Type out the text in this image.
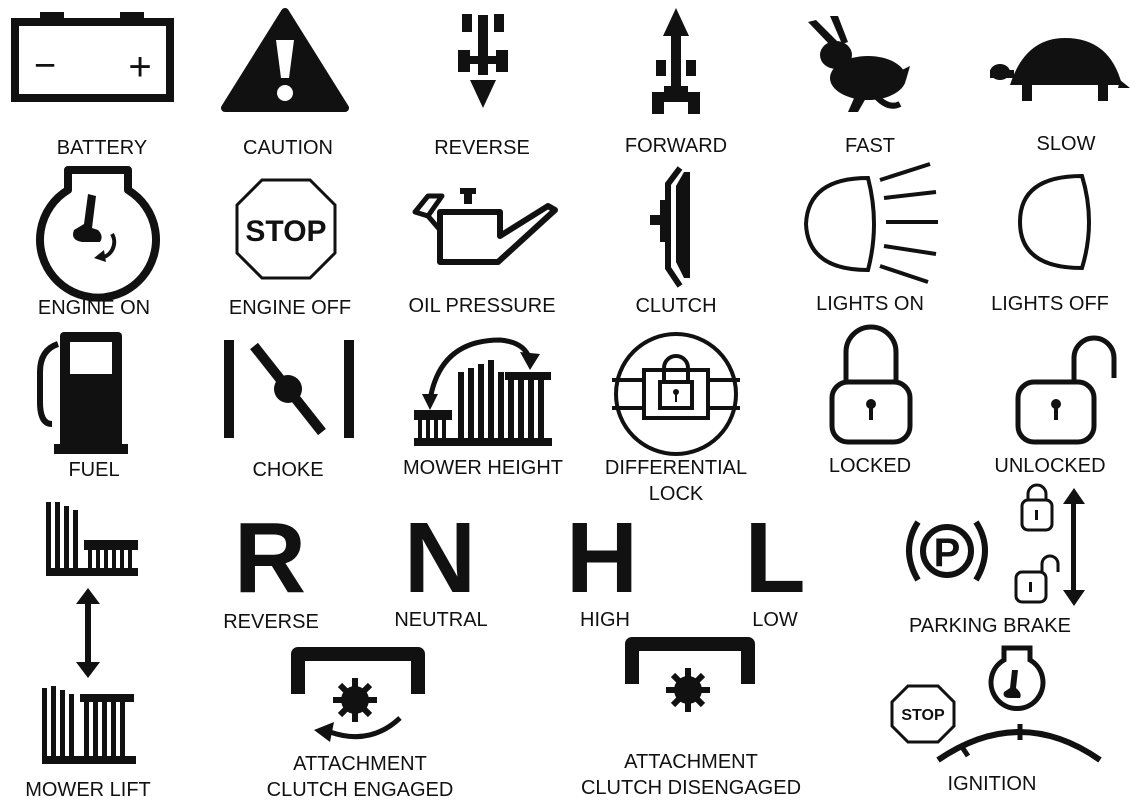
− +
STOP
R N H L	P
STOP
BATTERY	CAUTION	REVERSE	FORWARD	FAST	SLOW
ENGINE ON	ENGINE OFF	OIL PRESSURE	CLUTCH	LIGHTS ON	LIGHTS OFF
FUEL	CHOKE	MOWER HEIGHT	DIFFERENTIAL
LOCK
LOCKED	UNLOCKED
REVERSE	NEUTRAL	HIGH	LOW	PARKING BRAKE
MOWER LIFT
ATTACHMENT
CLUTCH ENGAGED
ATTACHMENT
CLUTCH DISENGAGED	IGNITION
